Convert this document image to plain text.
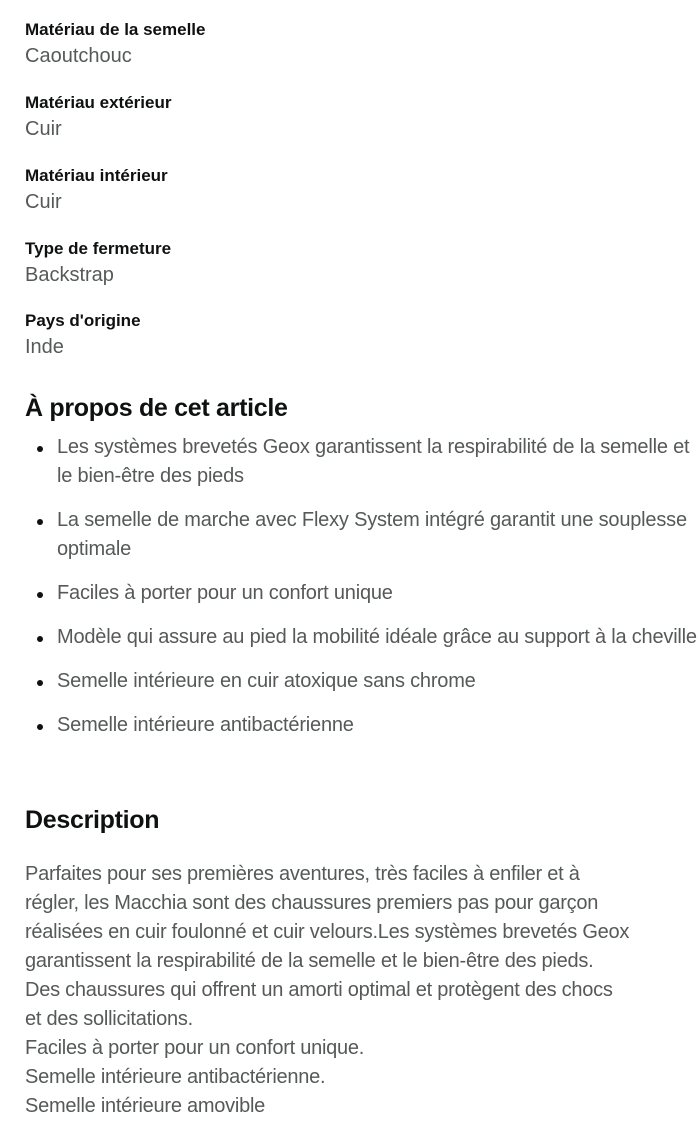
Matériau de la semelle
Caoutchouc
Matériau extérieur
Cuir
Matériau intérieur
Cuir
Type de fermeture
Backstrap
Pays d'origine
Inde
À propos de cet article
Les systèmes brevetés Geox garantissent la respirabilité de la semelle et le bien-être des pieds
La semelle de marche avec Flexy System intégré garantit une souplesse optimale
Faciles à porter pour un confort unique
Modèle qui assure au pied la mobilité idéale grâce au support à la cheville
Semelle intérieure en cuir atoxique sans chrome
Semelle intérieure antibactérienne
Description
Parfaites pour ses premières aventures, très faciles à enfiler et à
régler, les Macchia sont des chaussures premiers pas pour garçon
réalisées en cuir foulonné et cuir velours.Les systèmes brevetés Geox
garantissent la respirabilité de la semelle et le bien-être des pieds.
Des chaussures qui offrent un amorti optimal et protègent des chocs
et des sollicitations.
Faciles à porter pour un confort unique.
Semelle intérieure antibactérienne.
Semelle intérieure amovible
